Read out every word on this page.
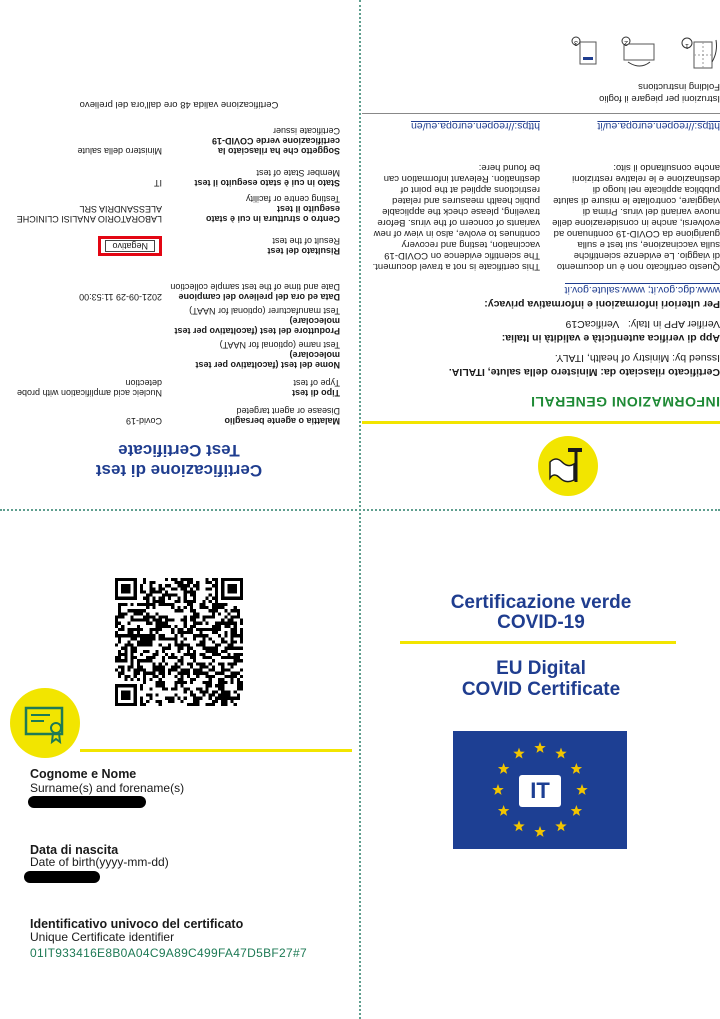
Certificazione di test
Test Certificate
Malattia o agente bersaglio
Disease or agent targeted
Covid-19
Tipo di test
Type of test
Nucleic acid amplification with probe detection
Nome del test (facoltativo per test molecolare)
Test name (optional for NAAT)
Produttore del test (facoltativo per test molecolare)
Test manufacturer (optional for NAAT)
Data ed ora del prelievo del campione
Date and time of the test sample collection
2021-09-29 11:53:00
Risultato del test
Result of the test
Negativo
Centro o struttura in cui è stato eseguito il test
Testing centre or facility
LABORATORIO ANALISI CLINICHE ALESSANDRIA SRL
Stato in cui è stato eseguito il test
Member State of test
IT
Soggetto che ha rilasciato la certificazione verde COVID-19
Certificate issuer
Ministero della salute
Certificazione valida 48 ore dall'ora del prelievo
INFORMAZIONI GENERALI
Certificato rilasciato da: Ministero della salute, ITALIA.
Issued by: Ministry of health, ITALY.
App di verifica autenticità e validità in Italia:
Verifier APP in Italy:   VerificaC19
Per ulteriori informazioni e informativa privacy:
www.dgc.gov.it; www.salute.gov.it
Questo certificato non è un documento di viaggio. Le evidenze scientifiche sulla vaccinazione, sui test e sulla guarigione da COVID-19 continuano ad evolversi, anche in considerazione delle nuove varianti del virus. Prima di viaggiare, controllate le misure di salute pubblica applicate nel luogo di destinazione e le relative restrizioni anche consultando il sito:
This certificate is not a travel document. The scientific evidence on COVID-19 vaccination, testing and recovery continues to evolve, also in view of new variants of concern of the virus. Before traveling, please check the applicable public health measures and related restrictions applied at the point of destination. Relevant information can be found here:
https://reopen.europa.eu/it
https://reopen.europa.eu/en
Istruzioni per piegare il foglio
Folding instructions
1
2
3
Cognome e Nome
Surname(s) and forename(s)
Data di nascita
Date of birth(yyyy-mm-dd)
Identificativo univoco del certificato
Unique Certificate identifier
01IT933416E8B0A04C9A89C499FA47D5BF27#7
Certificazione verde
COVID-19
EU Digital
COVID Certificate
IT
